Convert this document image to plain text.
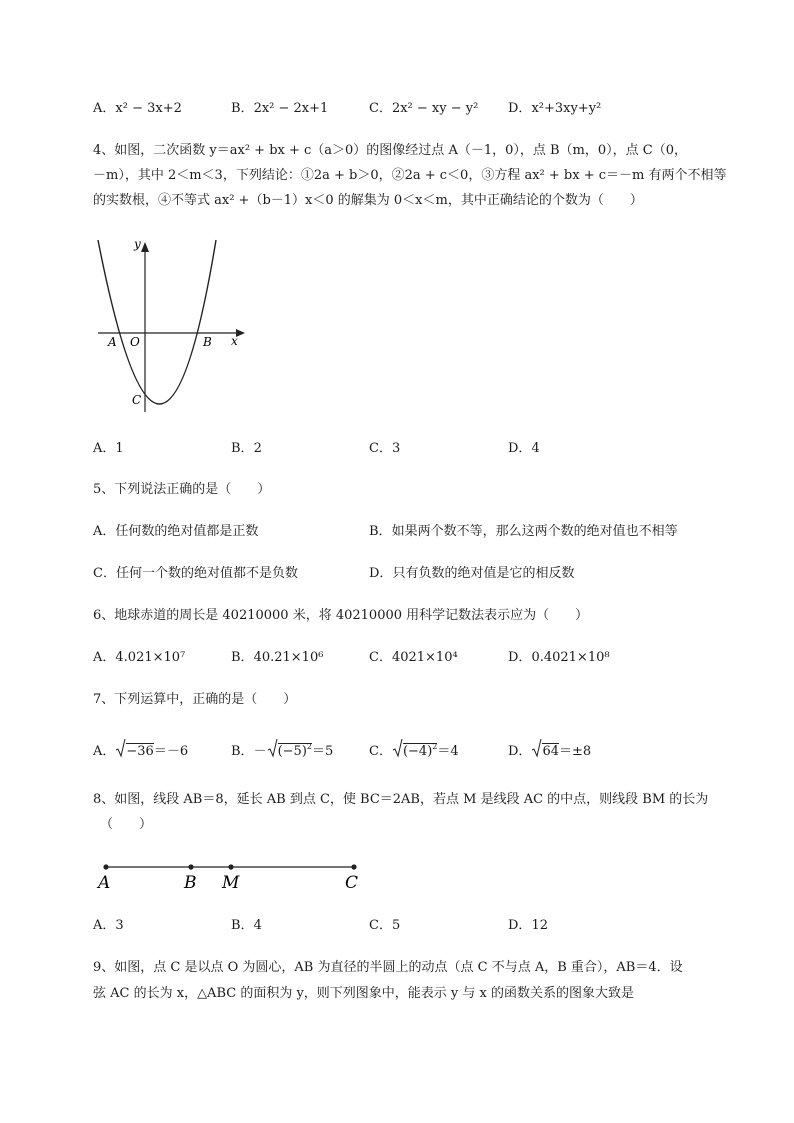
A．x² − 3x+2	B．2x² − 2x+1	C．2x² − xy − y² D．x²+3xy+y²
4、如图，二次函数 y＝ax² + bx + c（a＞0）的图像经过点 A（－1，0），点 B（m，0），点 C（0，
－m），其中 2＜m＜3，下列结论：①2a + b＞0，②2a + c＜0，③方程 ax² + bx + c＝－m 有两个不相等
的实数根，④不等式 ax² +（b－1）x＜0 的解集为 0＜x＜m，其中正确结论的个数为（　　）
y
x
A O	B
C
A．1	B．2	C．3	D．4
5、下列说法正确的是（　　）
A．任何数的绝对值都是正数	B．如果两个数不等，那么这两个数的绝对值也不相等
C．任何一个数的绝对值都不是负数	D．只有负数的绝对值是它的相反数
6、地球赤道的周长是 40210000 米，将 40210000 用科学记数法表示应为（　　）
A．4.021×10⁷	B．40.21×10⁶	C．4021×10⁴	D．0.4021×10⁸
7、下列运算中，正确的是（　　）
A． −36＝－6	B．－ $(-5)^2=5$	C． $(-4)^2=4$	D． 64＝±8
8、如图，线段 AB＝8，延长 AB 到点 C，使 BC＝2AB，若点 M 是线段 AC 的中点，则线段 BM 的长为
（　　）
A	B M	C
A．3	B．4	C．5	D．12
9、如图，点 C 是以点 O 为圆心，AB 为直径的半圆上的动点（点 C 不与点 A，B 重合），AB＝4．设
弦 AC 的长为 x，△ABC 的面积为 y，则下列图象中，能表示 y 与 x 的函数关系的图象大致是
